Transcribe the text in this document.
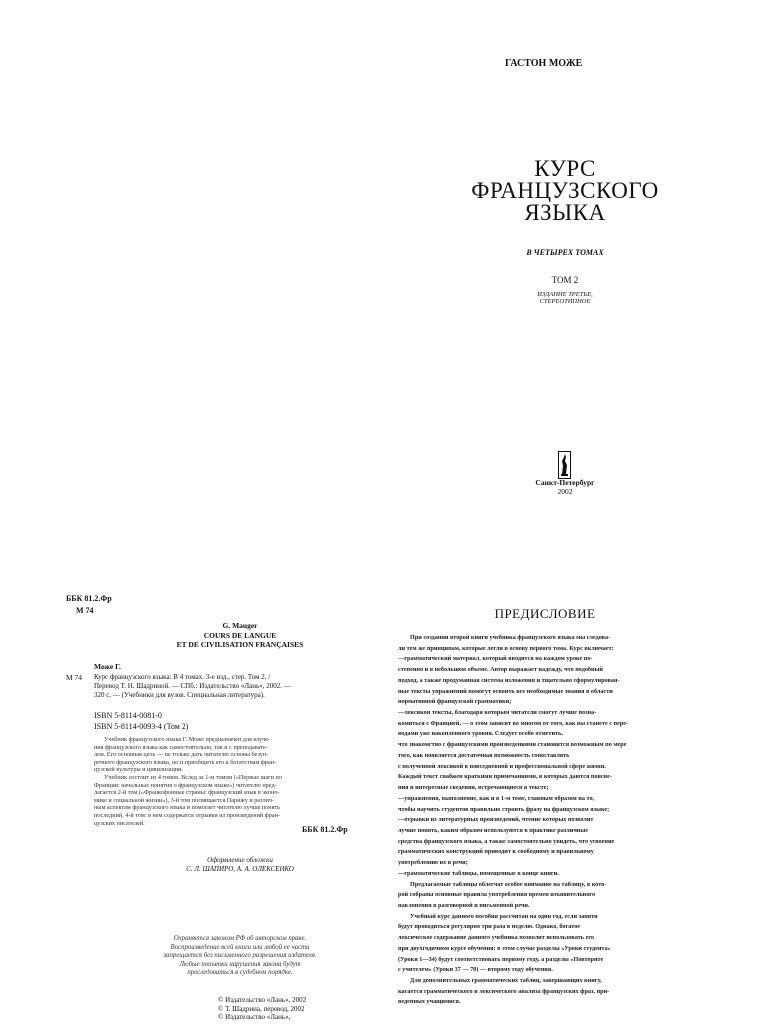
ГАСТОН МОЖЕ
КУРС
ФРАНЦУЗСКОГО
ЯЗЫКА
В ЧЕТЫРЕХ ТОМАХ
ТОМ 2
ИЗДАНИЕ ТРЕТЬЕ,
СТЕРЕОТИПНОЕ
Санкт-Петербург
2002
ББК 81.2.Фр
М 74
G. Mauger
COURS DE LANGUE
ET DE CIVILISATION FRANÇAISES
Може Г.
М 74 Курс французского языка: В 4 томах. 3-е изд., стер. Том 2. /
Перевод Т. Н. Шадриной. — СПб.: Издательство «Лань», 2002. —
320 с. — (Учебники для вузов. Специальная литература).
ISBN 5-8114-0081-0
ISBN 5-8114-0093-4 (Том 2)
Учебник французского языка Г. Може предназначен для изуче-
ния французского языка как самостоятельно, так и с преподавате-
лем. Его основная цель — не только дать читателю основы безуп-
речного французского языка, но и приобщить его к богатствам фран-
цузской культуры и цивилизации.
Учебник состоит из 4 томов. Вслед за 1-м томом («Первые шаги по
Франции: начальные понятия о французском языке») читателю пред-
лагается 2-й том («Франкофонные страны: французский язык в эконо-
мике и социальной жизни»), 3-й том посвящается Парижу и различ-
ным аспектам французского языка и помогает читателю лучше понять
последний, 4-й том: в нем содержатся отрывки из произведений фран-
цузских писателей.
ББК 81.2.Фр
Оформление обложки
С. Л. ШАПИРО, А. А. ОЛЕКСЕНКО
Охраняется законом РФ об авторском праве.
Воспроизведение всей книги или любой ее части
запрещается без письменного разрешения издателя.
Любые попытки нарушения закона будут
преследоваться в судебном порядке.
© Издательство «Лань», 2002
© Т. Шадрина, перевод, 2002
© Издательство «Лань»,
ПРЕДИСЛОВИЕ
При создании второй книги учебника французского языка мы следова-
ли тем же принципам, которые легли в основу первого тома. Курс включает:
—грамматический материал, который вводится на каждом уроке по-
степенно и в небольшом объеме. Автор выражает надежду, что подобный
подход, а также продуманная система изложения и тщательно сформулирован-
ные тексты упражнений помогут освоить все необходимые знания в области
нормативной французской грамматики;
—лексикон тексты, благодаря которым читатели смогут лучше позна-
комиться с Францией, — о этом зависит во многом от того, как вы станете с пере-
водами уже накопленного уровня. Следует особо отметить,
что знакомство с французскими произведениями становится возможным по мере
того, как появляется достаточная возможность сопоставлять
с полученной лексикой в повседневной и профессиональной сфере жизни.
Каждый текст снабжен краткими примечаниями, в которых даются поясне-
ния и интересные сведения, встречающиеся в тексте;
—упражнения, выполнение, как и в 1-м томе, главным образом на то,
чтобы научить студентов правильно строить фразу на французском языке;
—отрывки из литературных произведений, чтение которых позволит
лучше понять, каким образом используются в практике различные
средства французского языка, а также самостоятельно увидеть, что усвоение
грамматических конструкций приводит к свободному и правильному
употреблению их в речи;
—грамматические таблицы, помещенные в конце книги.
Предлагаемые таблицы облегчат особое внимание на таблицу, в кото-
рой собраны основные правила употребления времен изъявительного
наклонения в разговорной и письменной речи.
Учебный курс данного пособия рассчитан на один год, если заняти
будут проводиться регулярно три раза в неделю. Однако, богатое
лексическое содержание данного учебника позволит использовать его
при двухгодичном курсе обучения: в этом случае разделы «Уроки студента»
(Уроки 1—34) будут соответствовать первому году, а разделы «Повторите
с учителем» (Уроки 37 — 70) — второму году обучения.
Для дополнительных грамматических таблиц, завершающих книгу,
касается грамматического и лексического анализа французских фраз, при-
веденных учащимися.
